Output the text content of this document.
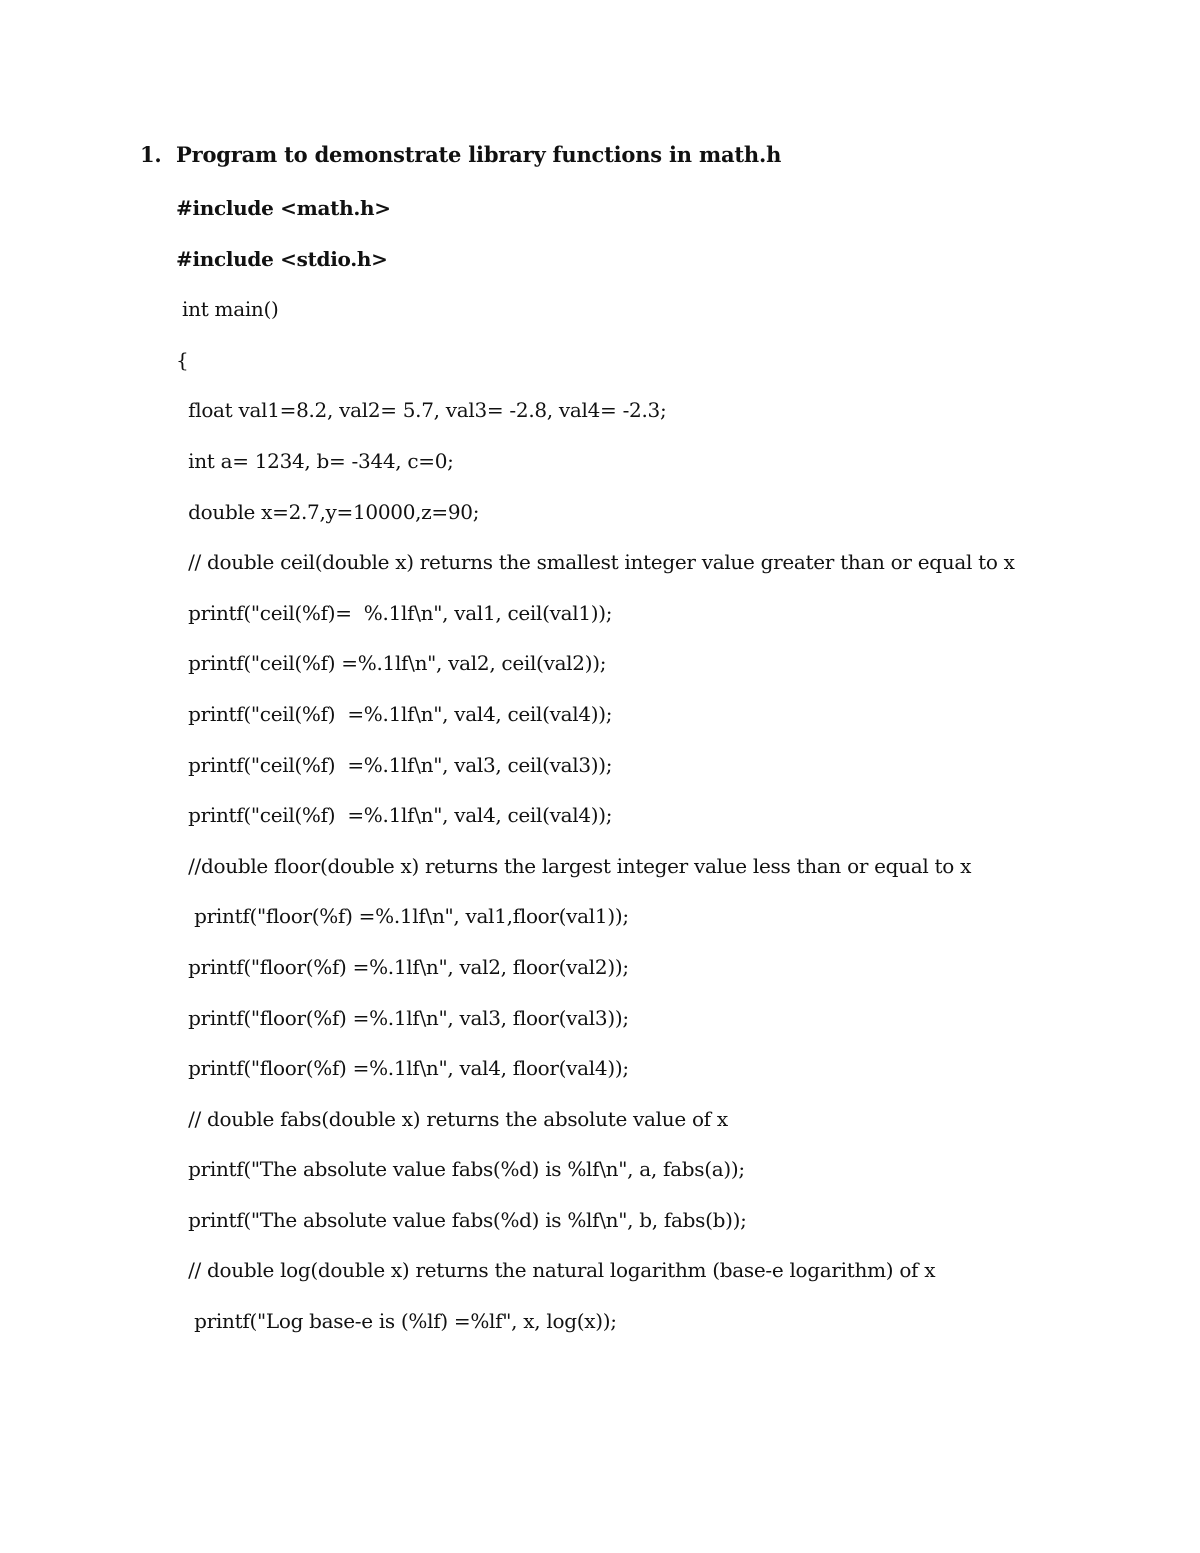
1. Program to demonstrate library functions in math.h
#include <math.h>
#include <stdio.h>
int main()
{
float val1=8.2, val2= 5.7, val3= -2.8, val4= -2.3;
int a= 1234, b= -344, c=0;
double x=2.7,y=10000,z=90;
// double ceil(double x) returns the smallest integer value greater than or equal to x
printf("ceil(%f)=  %.1lf\n", val1, ceil(val1));
printf("ceil(%f) =%.1lf\n", val2, ceil(val2));
printf("ceil(%f)  =%.1lf\n", val4, ceil(val4));
printf("ceil(%f)  =%.1lf\n", val3, ceil(val3));
printf("ceil(%f)  =%.1lf\n", val4, ceil(val4));
//double floor(double x) returns the largest integer value less than or equal to x
printf("floor(%f) =%.1lf\n", val1,floor(val1));
printf("floor(%f) =%.1lf\n", val2, floor(val2));
printf("floor(%f) =%.1lf\n", val3, floor(val3));
printf("floor(%f) =%.1lf\n", val4, floor(val4));
// double fabs(double x) returns the absolute value of x
printf("The absolute value fabs(%d) is %lf\n", a, fabs(a));
printf("The absolute value fabs(%d) is %lf\n", b, fabs(b));
// double log(double x) returns the natural logarithm (base-e logarithm) of x
printf("Log base-e is (%lf) =%lf", x, log(x));
